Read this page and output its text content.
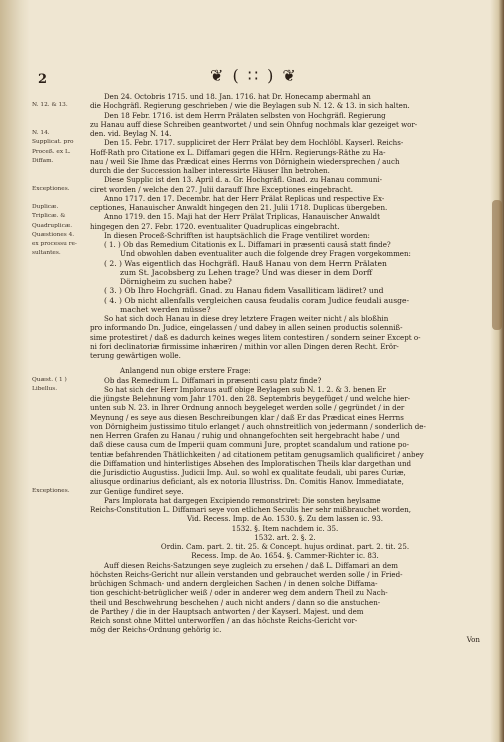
2	❦ ( ∷ ) ❦
Den 24. Octobris 1715. und 18. Jan. 1716. hat Dr. Honecamp abermahl an
N. 12. & 13.	die Hochgräfl. Regierung geschrieben / wie die Beylagen sub N. 12. & 13. in sich halten.
Den 18 Febr. 1716. ist dem Herrn Prälaten selbsten von Hochgräfl. Regierung
zu Hanau auff diese Schreiben geantwortet / und sein Ohnfug nochmals klar gezeiget wor-
N. 14.	den. vid. Beylag N. 14.
Supplicat. pro	Den 15. Febr. 1717. suppliciret der Herr Prälat bey dem Hochlöbl. Kayserl. Reichs-
Proceß. ex L.	Hoff-Rath pro Citatione ex L. Diffamari gegen die HHrn. Regierungs-Räthe zu Ha-
Diffam.	nau / weil Sie Ihme das Prædicat eines Herrns von Dörnighein wiedersprechen / auch
durch die der Succession halber interessirte Häuser Ihn betrohen.
Diese Supplic ist den 13. April d. a. Gr. Hochgräfl. Gnad. zu Hanau communi-
Exceptiones.	ciret worden / welche den 27. Julii darauff Ihre Exceptiones eingebracht.
Anno 1717. den 17. Decembr. hat der Herr Prälat Replicas und respective Ex-
Duplicæ.	ceptiones, Hanauischer Anwaldt hingegen den 21. Julii 1718. Duplicas übergeben.
Triplicæ. &	Anno 1719. den 15. Maji hat der Herr Prälat Triplicas, Hanauischer Anwaldt
Quadruplicæ.	hingegen den 27. Febr. 1720. eventualiter Quadruplicas eingebracht.
Quæstiones 4.	In diesen Proceß-Schrifften ist hauptsächlich die Frage ventiliret worden:
ex processu re-	( 1. ) Ob das Remedium Citationis ex L. Diffamari in præsenti causâ statt finde?
sultantes.	Und obwohlen daben eventualiter auch die folgende drey Fragen vorgekommen:
( 2. ) Was eigentlich das Hochgräfl. Hauß Hanau von dem Herrn Prälaten
zum St. Jacobsberg zu Lehen trage? Und was dieser in dem Dorff
Dörnigheim zu suchen habe?
( 3. ) Ob Ihro Hochgräfl. Gnad. zu Hanau fidem Vasalliticam lädiret? und
( 4. ) Ob nicht allenfalls vergleichen causa feudalis coram Judice feudali ausge-
machet werden müsse?
So hat sich doch Hanau in diese drey letztere Fragen weiter nicht / als bloßhin
pro informando Dn. Judice, eingelassen / und dabey in allen seinen productis solenniß-
sime protestiret / daß es dadurch keines weges litem contestiren / sondern seiner Except o-
ni fori declinatoriæ firmissime inhæriren / mithin vor allen Dingen deren Recht. Erör-
terung gewärtigen wolle.
Anlangend nun obige erstere Frage:
Quæst. ( 1 )	Ob das Remedium L. Diffamari in præsenti casu platz finde?
Libellus.	So hat sich der Herr Imploraus auff obige Beylagen sub N. 1. 2. & 3. benen Er
die jüngste Belehnung vom Jahr 1701. den 28. Septembris beygefüget / und welche hier-
unten sub N. 23. in Ihrer Ordnung annoch beygeleget werden solle / gegründet / in der
Meynung / es seye aus diesen Beschreibungen klar / daß Er das Prædicat eines Herrns
von Dörnigheim justissimo titulo erlanget / auch ohnstreitlich von jedermann / sonderlich de-
nen Herren Grafen zu Hanau / ruhig und ohnangefochten seit hergebracht habe / und
daß diese causa cum de Imperii quam communi Jure, proptet scandalum und ratione po-
tentiæ befahrenden Thätlichkeiten / ad citationem petitam genugsamlich qualificiret / anbey
die Diffamation und hinterlistiges Absehen des Imploratischen Theils klar dargethan und
die Jurisdictio Augustiss. Judicii Imp. Aul. so wohl ex qualitate feudali, ubi pares Curiæ,
aliusque ordinarius deficiant, als ex notoria Illustriss. Dn. Comitis Hanov. Immediatate,
Exceptiones.	zur Genüge fundiret seye.
Pars Implorata hat dargegen Excipiendo remonstriret: Die sonsten heylsame
Reichs-Constitution L. Diffamari seye von etlichen Seculis her sehr mißbrauchet worden,
Vid. Recess. Imp. de Ao. 1530. §. Zu dem lassen ic. 93.
1532. §. Item nachdem ic. 35.
1532. art. 2. §. 2.
Ordin. Cam. part. 2. tit. 25. & Concept. hujus ordinat. part. 2. tit. 25.
Recess. Imp. de Ao. 1654. §. Cammer-Richter ic. 83.
Auff diesen Reichs-Satzungen seye zugleich zu ersehen / daß L. Diffamari an dem
höchsten Reichs-Gericht nur allein verstanden und gebrauchet werden solle / in Fried-
brüchigen Schmach- und andern dergleichen Sachen / in denen solche Diffama-
tion geschicht-betrüglicher weiß / oder in anderer weg dem andern Theil zu Nach-
theil und Beschwehrung beschehen / auch nicht anders / dann so die anstuchen-
de Parthey / die in der Hauptsach antworten / der Kayserl. Majest. und dem
Reich sonst ohne Mittel unterworffen / an das höchste Reichs-Gericht vor-
mög der Reichs-Ordnung gehörig ic.
Von
